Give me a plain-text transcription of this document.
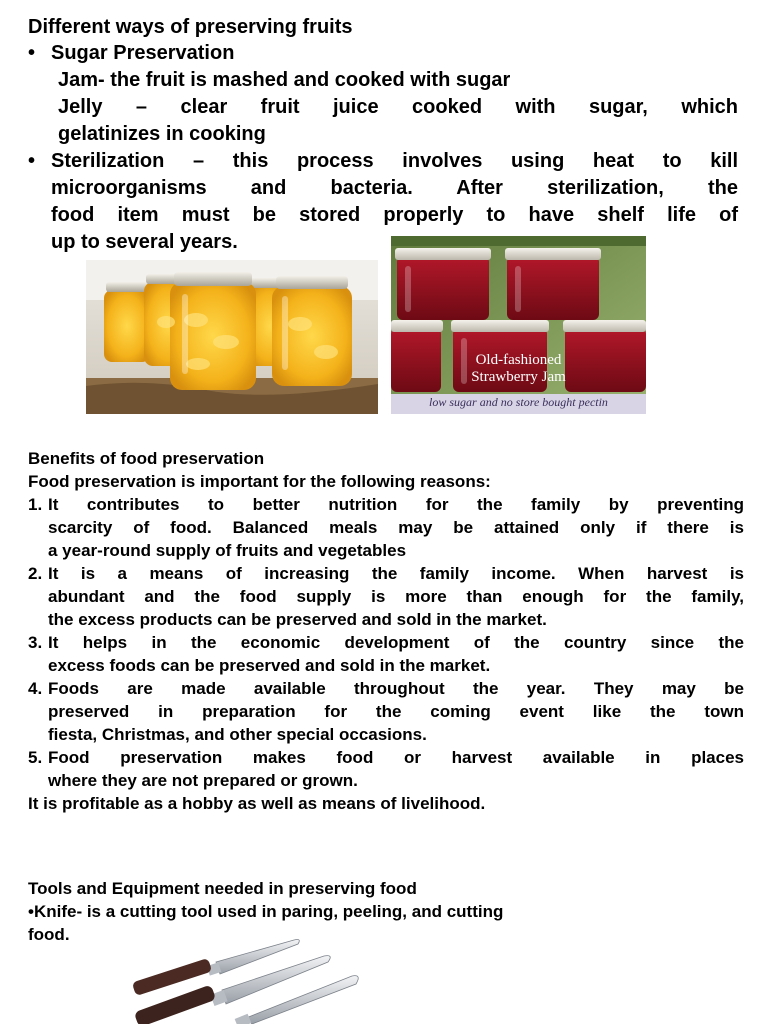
Different ways of preserving fruits
• Sugar Preservation
Jam- the fruit is mashed and cooked with sugar
Jelly – clear fruit juice cooked with sugar, which
gelatinizes in cooking
• Sterilization – this process involves using heat to kill
microorganisms and bacteria. After sterilization, the
food item must be stored properly to have shelf life of
up to several years.
Old-fashioned
Strawberry Jam
low sugar and no store bought pectin
Benefits of food preservation
Food preservation is important for the following reasons:
1. It contributes to better nutrition for the family by preventing
scarcity of food. Balanced meals may be attained only if there is
a year-round supply of fruits and vegetables
2. It is a means of increasing the family income. When harvest is
abundant and the food supply is more than enough for the family,
the excess products can be preserved and sold in the market.
3. It helps in the economic development of the country since the
excess foods can be preserved and sold in the market.
4. Foods are made available throughout the year. They may be
preserved in preparation for the coming event like the town
fiesta, Christmas, and other special occasions.
5. Food preservation makes food or harvest available in places
where they are not prepared or grown.
It is profitable as a hobby as well as means of livelihood.
Tools and Equipment needed in preserving food
•Knife- is a cutting tool used in paring, peeling, and cutting
food.
